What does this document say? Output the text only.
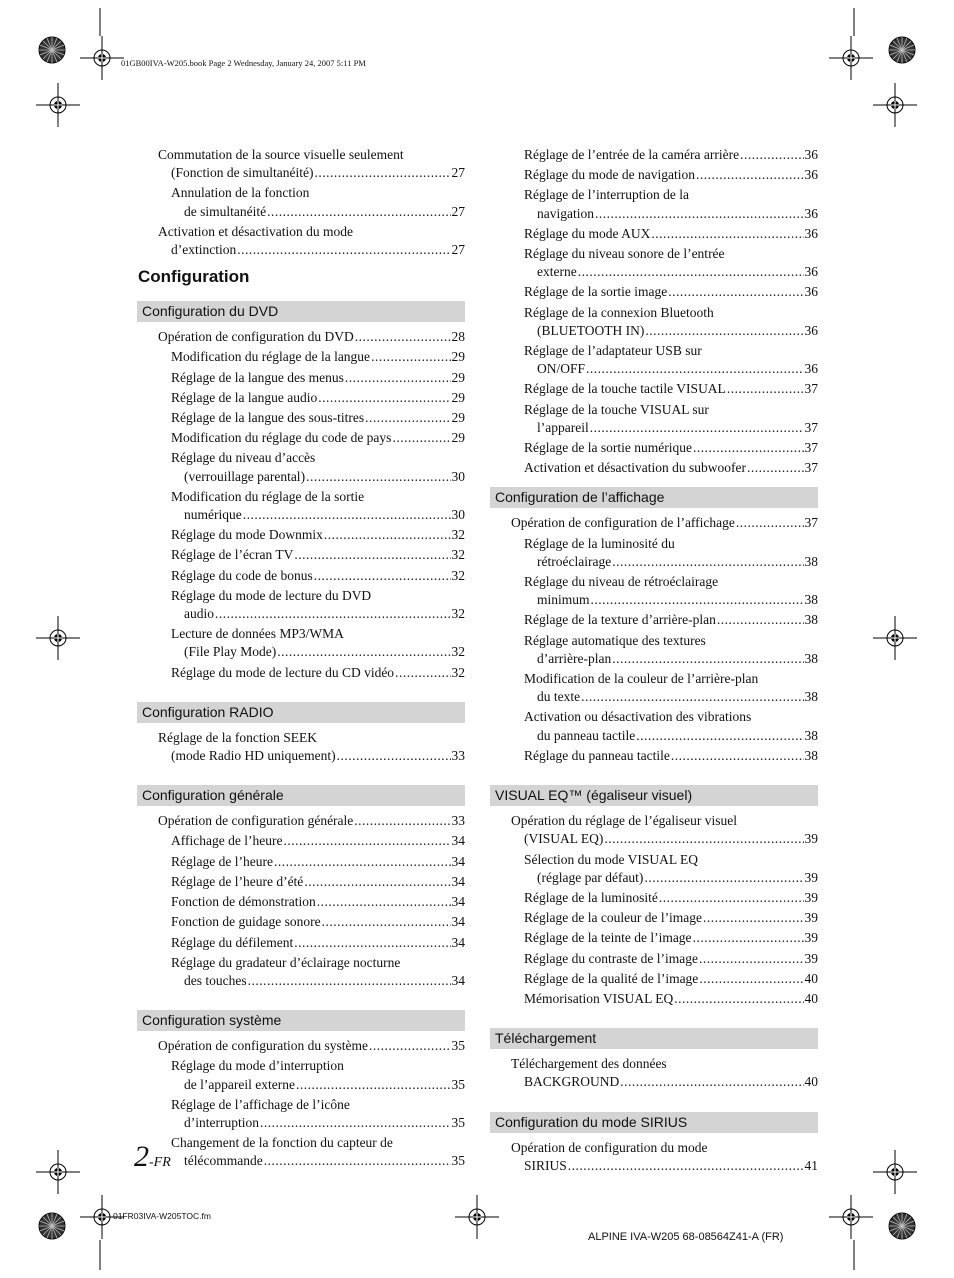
01GB00IVA-W205.book Page 2 Wednesday, January 24, 2007 5:11 PM
Commutation de la source visuelle seulement
(Fonction de simultanéité) .....	27
Annulation de la fonction
de simultanéité .....	27
Activation et désactivation du mode
d’extinction .....	27
Configuration
Configuration du DVD
Opération de configuration du DVD .....	28
Modification du réglage de la langue .....	29
Réglage de la langue des menus .....	29
Réglage de la langue audio .....	29
Réglage de la langue des sous-titres .....	29
Modification du réglage du code de pays .....	29
Réglage du niveau d’accès
(verrouillage parental) .....	30
Modification du réglage de la sortie
numérique .....	30
Réglage du mode Downmix .....	32
Réglage de l’écran TV .....	32
Réglage du code de bonus .....	32
Réglage du mode de lecture du DVD
audio .....	32
Lecture de données MP3/WMA
(File Play Mode) .....	32
Réglage du mode de lecture du CD vidéo .....	32
Configuration RADIO
Réglage de la fonction SEEK
(mode Radio HD uniquement) .....	33
Configuration générale
Opération de configuration générale .....	33
Affichage de l’heure .....	34
Réglage de l’heure .....	34
Réglage de l’heure d’été .....	34
Fonction de démonstration .....	34
Fonction de guidage sonore .....	34
Réglage du défilement .....	34
Réglage du gradateur d’éclairage nocturne
des touches .....	34
Configuration système
Opération de configuration du système .....	35
Réglage du mode d’interruption
de l’appareil externe .....	35
Réglage de l’affichage de l’icône
d’interruption .....	35
Changement de la fonction du capteur de
télécommande .....	35
Réglage de l’entrée de la caméra arrière .....	36
Réglage du mode de navigation .....	36
Réglage de l’interruption de la
navigation .....	36
Réglage du mode AUX .....	36
Réglage du niveau sonore de l’entrée
externe .....	36
Réglage de la sortie image .....	36
Réglage de la connexion Bluetooth
(BLUETOOTH IN) .....	36
Réglage de l’adaptateur USB sur
ON/OFF .....	36
Réglage de la touche tactile VISUAL .....	37
Réglage de la touche VISUAL sur
l’appareil .....	37
Réglage de la sortie numérique .....	37
Activation et désactivation du subwoofer .....	37
Configuration de l’affichage
Opération de configuration de l’affichage .....	37
Réglage de la luminosité du
rétroéclairage .....	38
Réglage du niveau de rétroéclairage
minimum .....	38
Réglage de la texture d’arrière-plan .....	38
Réglage automatique des textures
d’arrière-plan .....	38
Modification de la couleur de l’arrière-plan
du texte .....	38
Activation ou désactivation des vibrations
du panneau tactile .....	38
Réglage du panneau tactile .....	38
VISUAL EQ™ (égaliseur visuel)
Opération du réglage de l’égaliseur visuel
(VISUAL EQ) .....	39
Sélection du mode VISUAL EQ
(réglage par défaut) .....	39
Réglage de la luminosité .....	39
Réglage de la couleur de l’image .....	39
Réglage de la teinte de l’image .....	39
Réglage du contraste de l’image .....	39
Réglage de la qualité de l’image .....	40
Mémorisation VISUAL EQ .....	40
Téléchargement
Téléchargement des données
BACKGROUND .....	40
Configuration du mode SIRIUS
Opération de configuration du mode
SIRIUS .....	41
2-FR
01FR03IVA-W205TOC.fm
ALPINE IVA-W205 68-08564Z41-A (FR)
